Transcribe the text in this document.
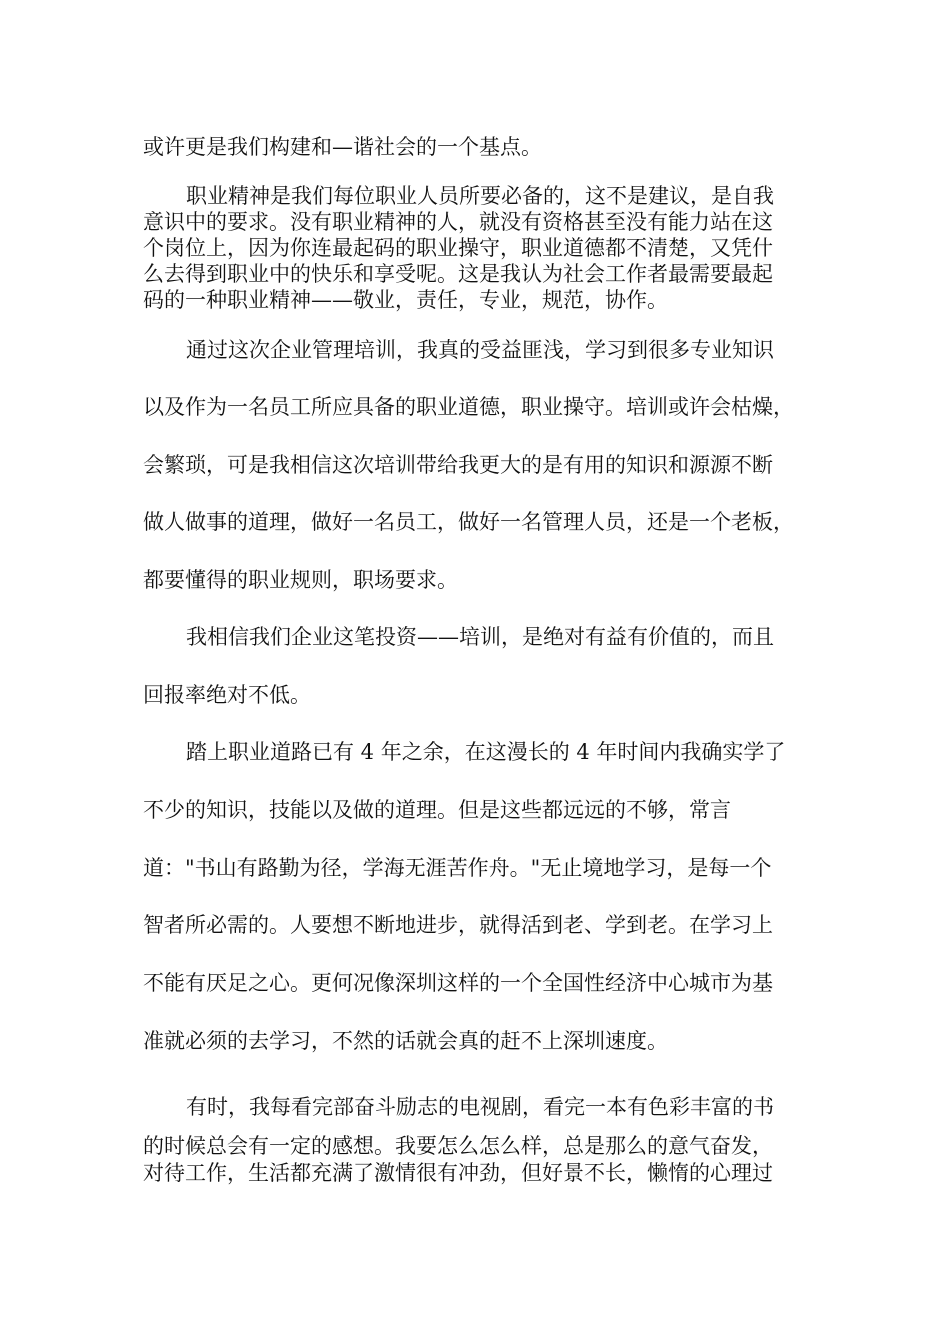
或许更是我们构建和—谐社会的一个基点。

职业精神是我们每位职业人员所要必备的，这不是建议，是自我

意识中的要求。没有职业精神的人，就没有资格甚至没有能力站在这

个岗位上，因为你连最起码的职业操守，职业道德都不清楚，又凭什

么去得到职业中的快乐和享受呢。这是我认为社会工作者最需要最起

码的一种职业精神——敬业，责任，专业，规范，协作。

通过这次企业管理培训，我真的受益匪浅，学习到很多专业知识

以及作为一名员工所应具备的职业道德，职业操守。培训或许会枯燥，

会繁琐，可是我相信这次培训带给我更大的是有用的知识和源源不断

做人做事的道理，做好一名员工，做好一名管理人员，还是一个老板，

都要懂得的职业规则，职场要求。

我相信我们企业这笔投资——培训，是绝对有益有价值的，而且

回报率绝对不低。

踏上职业道路已有 4 年之余，在这漫长的 4 年时间内我确实学了

不少的知识，技能以及做的道理。但是这些都远远的不够，常言

道："书山有路勤为径，学海无涯苦作舟。"无止境地学习，是每一个

智者所必需的。人要想不断地进步，就得活到老、学到老。在学习上

不能有厌足之心。更何况像深圳这样的一个全国性经济中心城市为基

准就必须的去学习，不然的话就会真的赶不上深圳速度。

有时，我每看完部奋斗励志的电视剧，看完一本有色彩丰富的书

的时候总会有一定的感想。我要怎么怎么样，总是那么的意气奋发，

对待工作，生活都充满了激情很有冲劲，但好景不长，懒惰的心理过
